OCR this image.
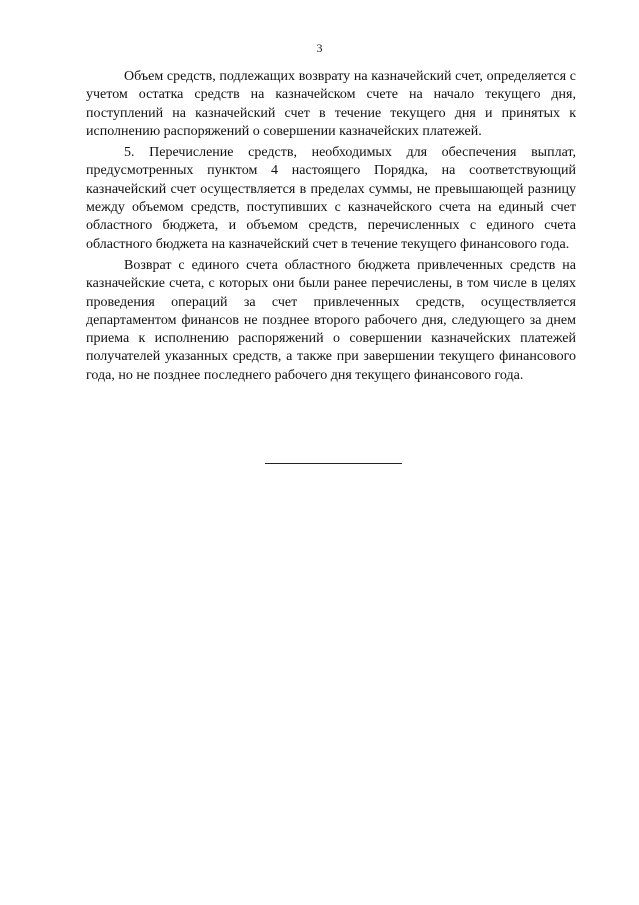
3

Объем средств, подлежащих возврату на казначейский счет, определяется с учетом остатка средств на казначейском счете на начало текущего дня, поступлений на казначейский счет в течение текущего дня и принятых к исполнению распоряжений о совершении казначейских платежей.

5. Перечисление средств, необходимых для обеспечения выплат, предусмотренных пунктом 4 настоящего Порядка, на соответствующий казначейский счет осуществляется в пределах суммы, не превышающей разницу между объемом средств, поступивших с казначейского счета на единый счет областного бюджета, и объемом средств, перечисленных с единого счета областного бюджета на казначейский счет в течение текущего финансового года.

Возврат с единого счета областного бюджета привлеченных средств на казначейские счета, с которых они были ранее перечислены, в том числе в целях проведения операций за счет привлеченных средств, осуществляется департаментом финансов не позднее второго рабочего дня, следующего за днем приема к исполнению распоряжений о совершении казначейских платежей получателей указанных средств, а также при завершении текущего финансового года, но не позднее последнего рабочего дня текущего финансового года.
